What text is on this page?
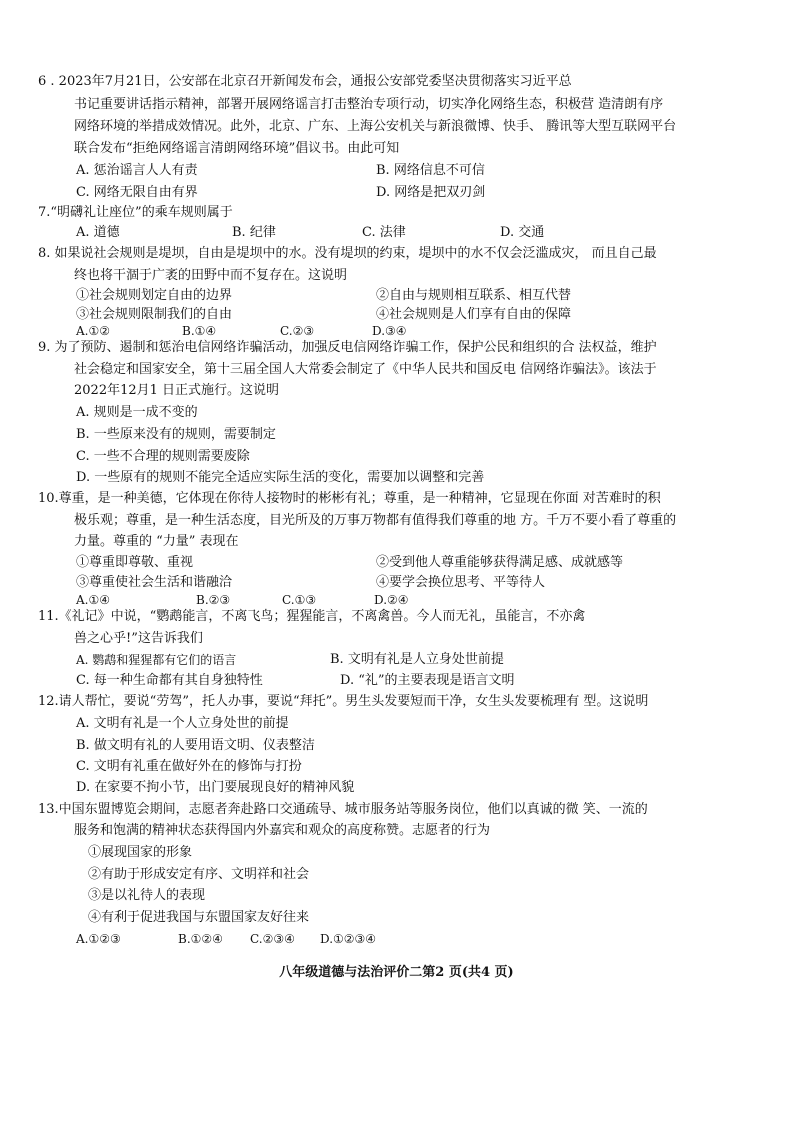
6 . 2023年7月21日，公安部在北京召开新闻发布会，通报公安部党委坚决贯彻落实习近平总
书记重要讲话指示精神，部署开展网络谣言打击整治专项行动，切实净化网络生态，积极营 造清朗有序
网络环境的举措成效情况。此外，北京、广东、上海公安机关与新浪微博、快手、 腾讯等大型互联网平台
联合发布“拒绝网络谣言清朗网络环境”倡议书。由此可知
A. 惩治谣言人人有责	B. 网络信息不可信
C. 网络无限自由有界	D. 网络是把双刃剑
7.“明礴礼让座位”的乘车规则属于
A. 道德	B. 纪律	C. 法律	D. 交通
8. 如果说社会规则是堤坝，自由是堤坝中的水。没有堤坝的约束，堤坝中的水不仅会泛滥成灾， 而且自己最
终也将干涸于广袤的田野中而不复存在。这说明
①社会规则划定自由的边界	②自由与规则相互联系、相互代替
③社会规则限制我们的自由	④社会规则是人们享有自由的保障
A.①②	B.①④	C.②③	D.③④
9. 为了预防、遏制和惩治电信网络诈骗活动，加强反电信网络诈骗工作，保护公民和组织的合 法权益，维护
社会稳定和国家安全，第十三届全国人大常委会制定了《中华人民共和国反电 信网络诈骗法》。该法于
2022年12月1 日正式施行。这说明
A. 规则是一成不变的
B. 一些原来没有的规则，需要制定
C. 一些不合理的规则需要废除
D. 一些原有的规则不能完全适应实际生活的变化，需要加以调整和完善
10.尊重，是一种美德，它体现在你待人接物时的彬彬有礼；尊重，是一种精神，它显现在你面 对苦难时的积
极乐观；尊重，是一种生活态度，目光所及的万事万物都有值得我们尊重的地 方。千万不要小看了尊重的
力量。尊重的 “力量” 表现在
①尊重即尊敬、重视	②受到他人尊重能够获得满足感、成就感等
③尊重使社会生活和谐融洽	④要学会换位思考、平等待人
A.①④	B.②③	C.①③	D.②④
11.《礼记》中说，“鹦鹉能言，不离飞鸟；猩猩能言，不离禽兽。今人而无礼，虽能言，不亦禽
兽之心乎!”这告诉我们
A. 鹦鹉和猩猩都有它们的语言	B. 文明有礼是人立身处世前提
C. 每一种生命都有其自身独特性	D. “礼”的主要表现是语言文明
12.请人帮忙，要说“劳驾”，托人办事，要说“拜托”。男生头发要短而干净，女生头发要梳理有 型。这说明
A. 文明有礼是一个人立身处世的前提
B. 做文明有礼的人要用语文明、仪表整洁
C. 文明有礼重在做好外在的修饰与打扮
D. 在家要不拘小节，出门要展现良好的精神风貌
13.中国东盟博览会期间，志愿者奔赴路口交通疏导、城市服务站等服务岗位，他们以真诚的微 笑、一流的
服务和饱满的精神状态获得国内外嘉宾和观众的高度称赞。志愿者的行为
①展现国家的形象
②有助于形成安定有序、文明祥和社会
③是以礼待人的表现
④有利于促进我国与东盟国家友好往来
A.①②③	B.①②④ C.②③④ D.①②③④
八年级道德与法治评价二第2 页(共4 页)
